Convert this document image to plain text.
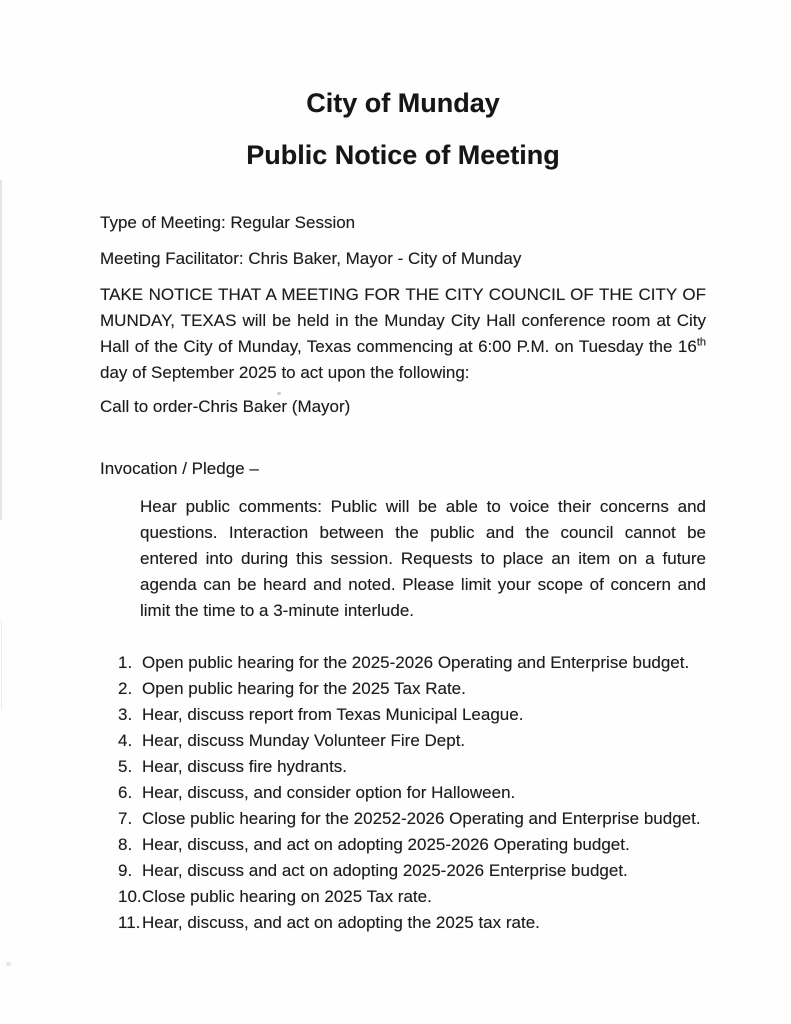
City of Munday
Public Notice of Meeting

Type of Meeting: Regular Session

Meeting Facilitator: Chris Baker, Mayor - City of Munday

TAKE NOTICE THAT A MEETING FOR THE CITY COUNCIL OF THE CITY OF MUNDAY, TEXAS will be held in the Munday City Hall conference room at City Hall of the City of Munday, Texas commencing at 6:00 P.M. on Tuesday the 16th day of September 2025 to act upon the following:

Call to order-Chris Baker (Mayor)

Invocation / Pledge –

Hear public comments: Public will be able to voice their concerns and questions. Interaction between the public and the council cannot be entered into during this session. Requests to place an item on a future agenda can be heard and noted. Please limit your scope of concern and limit the time to a 3-minute interlude.
1. Open public hearing for the 2025-2026 Operating and Enterprise budget.
2. Open public hearing for the 2025 Tax Rate.
3. Hear, discuss report from Texas Municipal League.
4. Hear, discuss Munday Volunteer Fire Dept.
5. Hear, discuss fire hydrants.
6. Hear, discuss, and consider option for Halloween.
7. Close public hearing for the 20252-2026 Operating and Enterprise budget.
8. Hear, discuss, and act on adopting 2025-2026 Operating budget.
9. Hear, discuss and act on adopting 2025-2026 Enterprise budget.
10. Close public hearing on 2025 Tax rate.
11. Hear, discuss, and act on adopting the 2025 tax rate.
